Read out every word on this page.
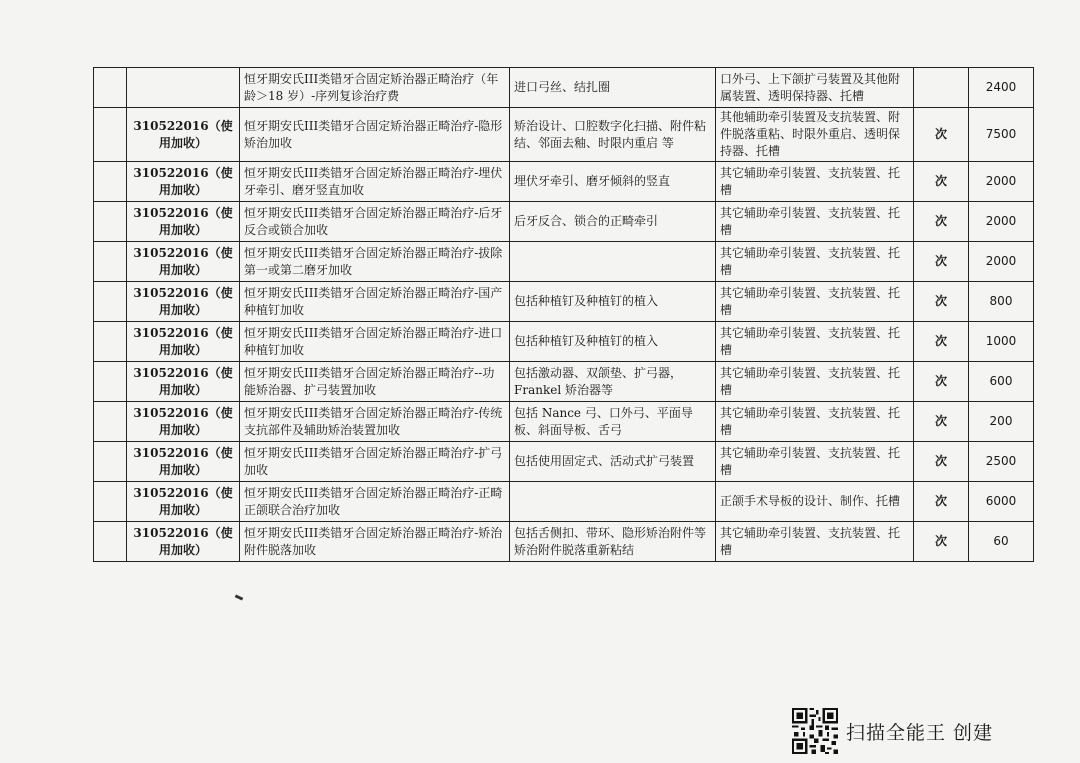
		恒牙期安氏III类错牙合固定矫治器正畸治疗（年龄＞18 岁）-序列复诊治疗费	进口弓丝、结扎圈	口外弓、上下颌扩弓装置及其他附属装置、透明保持器、托槽		2400
	310522016（使用加收）	恒牙期安氏III类错牙合固定矫治器正畸治疗-隐形矫治加收	矫治设计、口腔数字化扫描、附件粘结、邻面去釉、时限内重启 等	其他辅助牵引装置及支抗装置、附件脱落重粘、时限外重启、透明保持器、托槽	次	7500
	310522016（使用加收）	恒牙期安氏III类错牙合固定矫治器正畸治疗-埋伏牙牵引、磨牙竖直加收	埋伏牙牵引、磨牙倾斜的竖直	其它辅助牵引装置、支抗装置、托槽	次	2000
	310522016（使用加收）	恒牙期安氏III类错牙合固定矫治器正畸治疗-后牙反合或锁合加收	后牙反合、锁合的正畸牵引	其它辅助牵引装置、支抗装置、托槽	次	2000
	310522016（使用加收）	恒牙期安氏III类错牙合固定矫治器正畸治疗-拔除第一或第二磨牙加收		其它辅助牵引装置、支抗装置、托槽	次	2000
	310522016（使用加收）	恒牙期安氏III类错牙合固定矫治器正畸治疗-国产种植钉加收	包括种植钉及种植钉的植入	其它辅助牵引装置、支抗装置、托槽	次	800
	310522016（使用加收）	恒牙期安氏III类错牙合固定矫治器正畸治疗-进口种植钉加收	包括种植钉及种植钉的植入	其它辅助牵引装置、支抗装置、托槽	次	1000
	310522016（使用加收）	恒牙期安氏III类错牙合固定矫治器正畸治疗--功能矫治器、扩弓装置加收	包括激动器、双颌垫、扩弓器，Frankel 矫治器等	其它辅助牵引装置、支抗装置、托槽	次	600
	310522016（使用加收）	恒牙期安氏III类错牙合固定矫治器正畸治疗-传统支抗部件及辅助矫治装置加收	包括 Nance 弓、口外弓、平面导板、斜面导板、舌弓	其它辅助牵引装置、支抗装置、托槽	次	200
	310522016（使用加收）	恒牙期安氏III类错牙合固定矫治器正畸治疗-扩弓加收	包括使用固定式、活动式扩弓装置	其它辅助牵引装置、支抗装置、托槽	次	2500
	310522016（使用加收）	恒牙期安氏III类错牙合固定矫治器正畸治疗-正畸正颌联合治疗加收		正颌手术导板的设计、制作、托槽	次	6000
	310522016（使用加收）	恒牙期安氏III类错牙合固定矫治器正畸治疗-矫治附件脱落加收	包括舌侧扣、带环、隐形矫治附件等矫治附件脱落重新粘结	其它辅助牵引装置、支抗装置、托槽	次	60
扫描全能王 创建
